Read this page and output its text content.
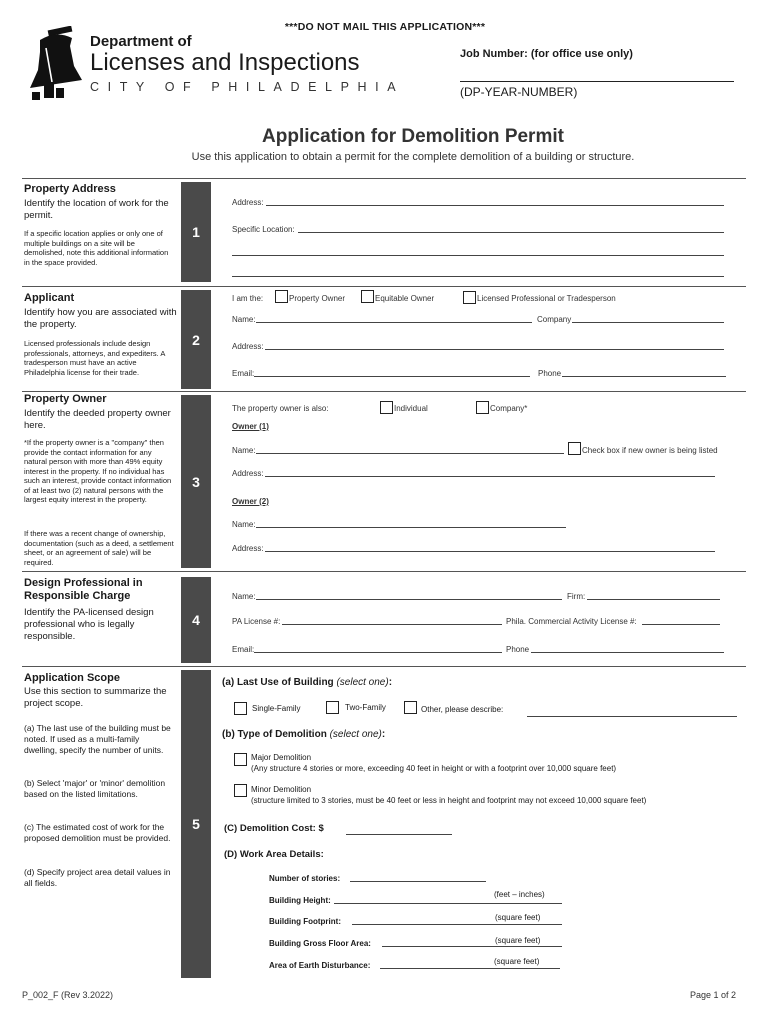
***DO NOT MAIL THIS APPLICATION***
Department of
Licenses and Inspections
CITY OF PHILADELPHIA
Job Number: (for office use only)
(DP-YEAR-NUMBER)
Application for Demolition Permit
Use this application to obtain a permit for the complete demolition of a building or structure.
Property Address
Identify the location of work for the permit.
If a specific location applies or only one of multiple buildings on a site will be demolished, note this additional information in the space provided.
1
Address:
Specific Location:
Applicant
Identify how you are associated with the property.
Licensed professionals include design professionals, attorneys, and expediters. A tradesperson must have an active Philadelphia license for their trade.
2
I am the:	Property Owner	Equitable Owner	Licensed Professional or Tradesperson
Name:	Company
Address:
Email:	Phone
Property Owner
Identify the deeded property owner here.
*If the property owner is a "company" then provide the contact information for any natural person with more than 49% equity interest in the property. If no individual has such an interest, provide contact information of at least two (2) natural persons with the largest equity interest in the property.
If there was a recent change of ownership, documentation (such as a deed, a settlement sheet, or an agreement of sale) will be required.
3
The property owner is also:	Individual	Company*
Owner (1)
Name:	Check box if new owner is being listed
Address:
Owner (2)
Name:
Address:
Design Professional in Responsible Charge
Identify the PA-licensed design professional who is legally responsible.
4
Name:	Firm:
PA License #:	Phila. Commercial Activity License #:
Email:	Phone
Application Scope
Use this section to summarize the project scope.
(a) The last use of the building must be noted. If used as a multi-family dwelling, specify the number of units.
(b) Select 'major' or 'minor' demolition based on the listed limitations.
(c) The estimated cost of work for the proposed demolition must be provided.
(d) Specify project area detail values in all fields.
5
(a) Last Use of Building (select one):
Single-Family	Two-Family	Other, please describe:
(b) Type of Demolition (select one):
Major Demolition
(Any structure 4 stories or more, exceeding 40 feet in height or with a footprint over 10,000 square feet)
Minor Demolition
(structure limited to 3 stories, must be 40 feet or less in height and footprint may not exceed 10,000 square feet)
(C) Demolition Cost: $
(D) Work Area Details:
Number of stories:
Building Height:
(feet – inches)
Building Footprint:	(square feet)
Building Gross Floor Area:	(square feet)
Area of Earth Disturbance:	(square feet)
P_002_F (Rev 3.2022)	Page 1 of 2
